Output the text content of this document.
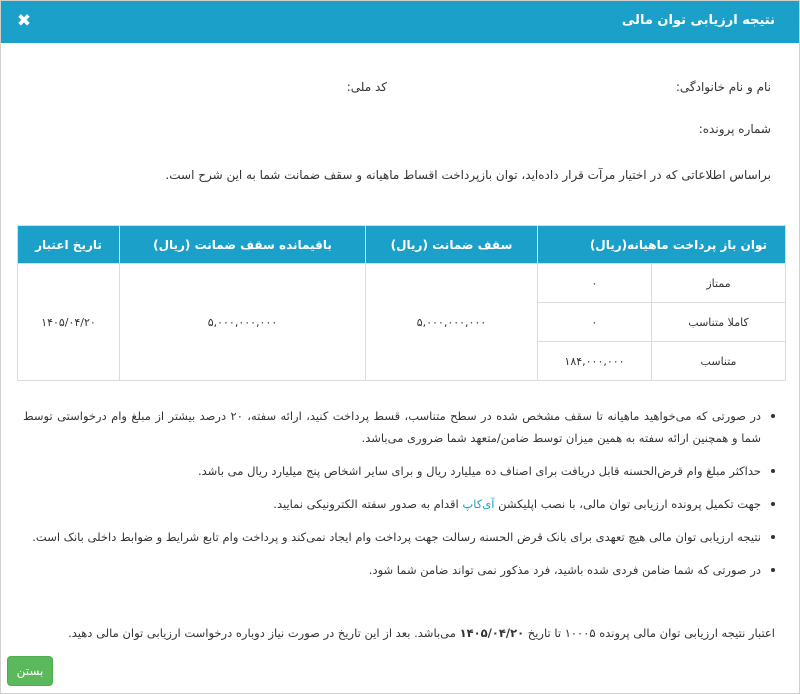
نتیجه ارزیابی توان مالی
✖
نام و نام خانوادگی:
کد ملی:
شماره پرونده:
براساس اطلاعاتی که در اختیار مرآت قرار داده‌اید، توان بازپرداخت اقساط ماهیانه و سقف ضمانت شما به این شرح است.
توان باز پرداخت ماهیانه(ریال)		سقف ضمانت (ریال)	باقیمانده سقف ضمانت (ریال)	تاریخ اعتبار
ممتاز	۰	۵,۰۰۰,۰۰۰,۰۰۰	۵,۰۰۰,۰۰۰,۰۰۰	۱۴۰۵/۰۴/۲۰
کاملا متناسب	۰			
متناسب	۱۸۴,۰۰۰,۰۰۰			
در صورتی که می‌خواهید ماهیانه تا سقف مشخص شده در سطح متناسب، قسط پرداخت کنید، ارائه سفته، ۲۰ درصد بیشتر از مبلغ وام درخواستی توسط شما و همچنین ارائه سفته به همین میزان توسط ضامن/متعهد شما ضروری می‌باشد.
حداکثر مبلغ وام قرض‌الحسنه قابل دریافت برای اصناف ده میلیارد ریال و برای سایر اشخاص پنج میلیارد ریال می باشد.
جهت تکمیل پرونده ارزیابی توان مالی، با نصب اپلیکشن آی‌کاپ اقدام به صدور سفته الکترونیکی نمایید.
نتیجه ارزیابی توان مالی هیچ تعهدی برای بانک قرض الحسنه رسالت جهت پرداخت وام ایجاد نمی‌کند و پرداخت وام تابع شرایط و ضوابط داخلی بانک است.
در صورتی که شما ضامن فردی شده باشید، فرد مذکور نمی تواند ضامن شما شود.
اعتبار نتیجه ارزیابی توان مالی پرونده ۱۰۰۰۵ تا تاریخ ۱۴۰۵/۰۴/۲۰ می‌باشد. بعد از این تاریخ در صورت نیاز دوباره درخواست ارزیابی توان مالی دهید.
بستن
